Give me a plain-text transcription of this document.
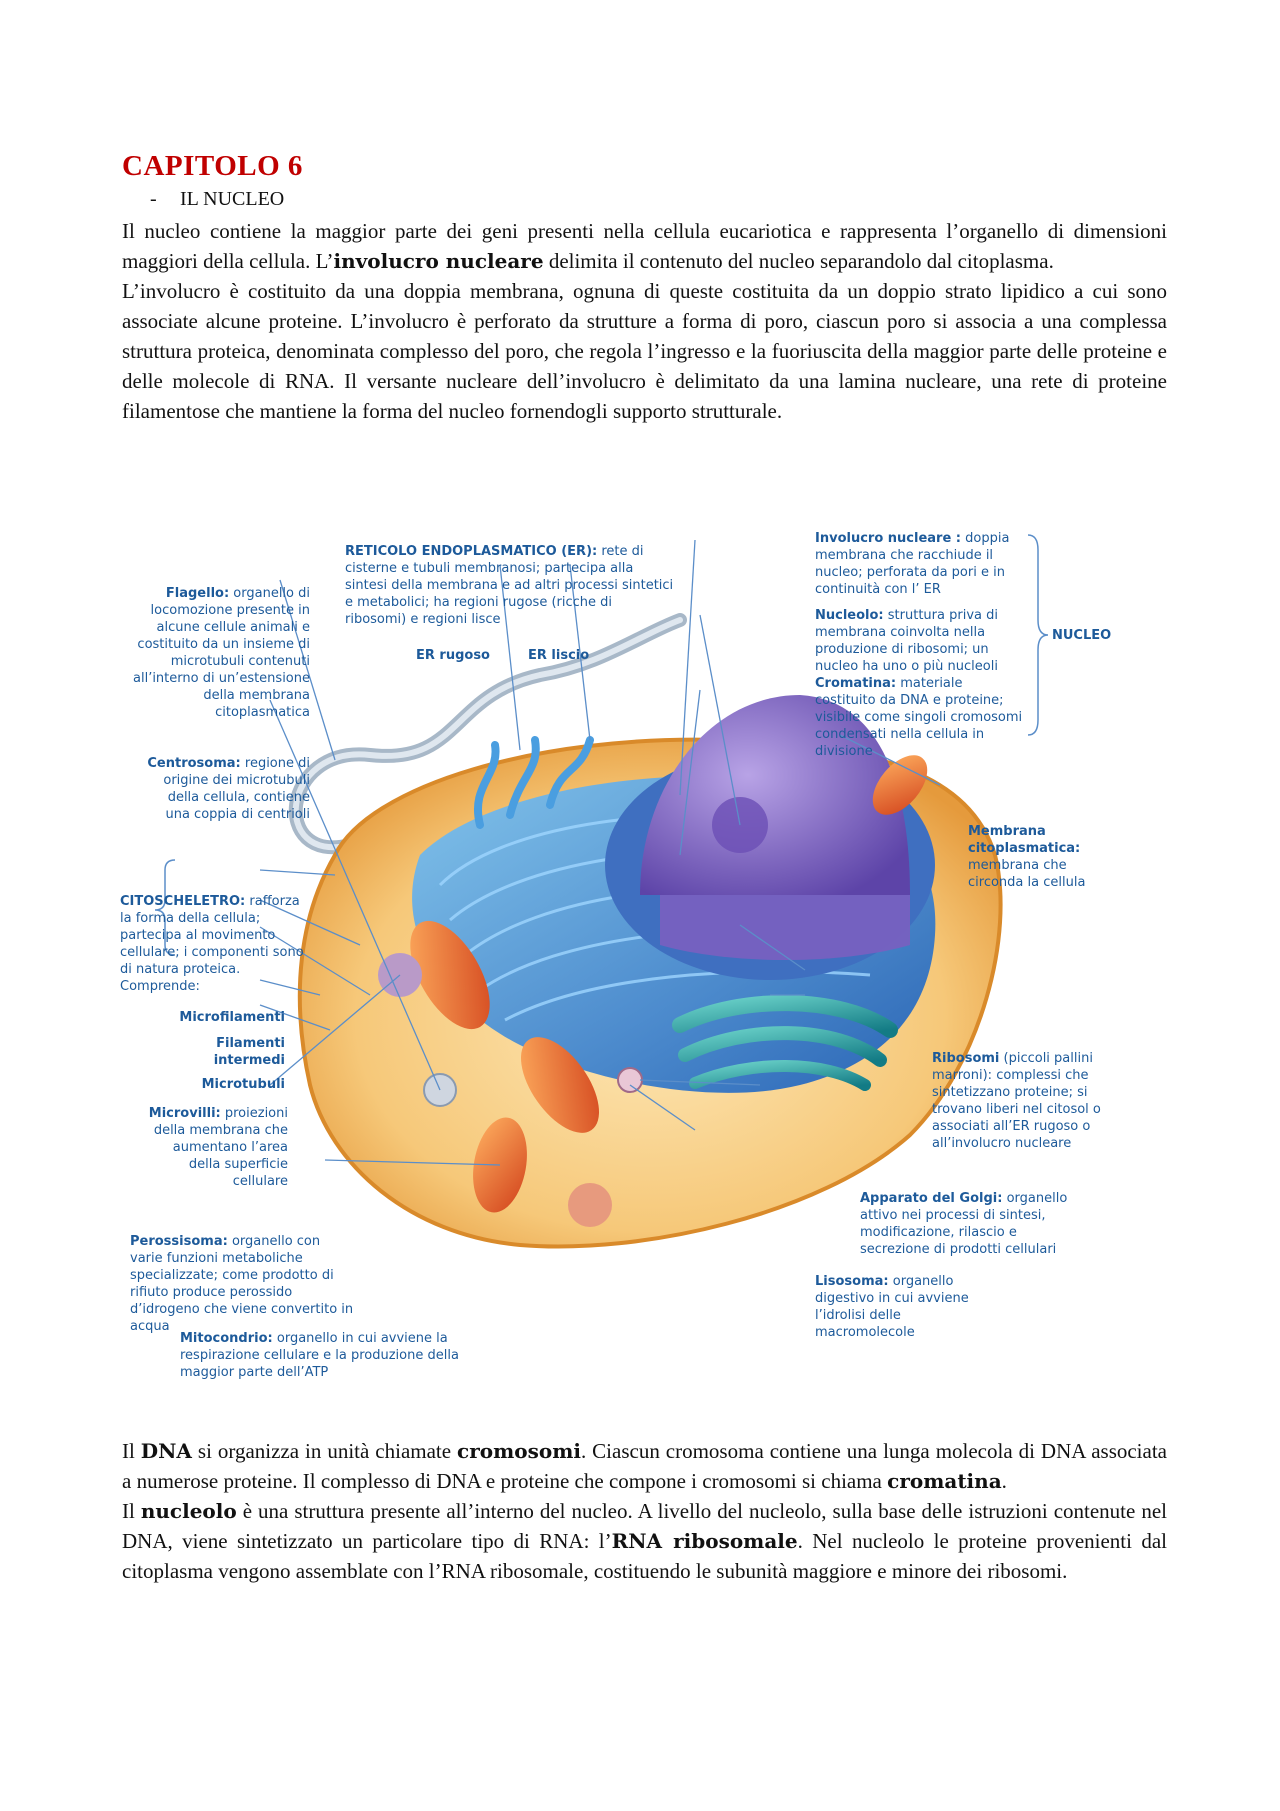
CAPITOLO 6
- IL NUCLEO

Il nucleo contiene la maggior parte dei geni presenti nella cellula eucariotica e rappresenta l’organello di dimensioni maggiori della cellula. L’involucro nucleare delimita il contenuto del nucleo separandolo dal citoplasma.

L’involucro è costituito da una doppia membrana, ognuna di queste costituita da un doppio strato lipidico a cui sono associate alcune proteine. L’involucro è perforato da strutture a forma di poro, ciascun poro si associa a una complessa struttura proteica, denominata complesso del poro, che regola l’ingresso e la fuoriuscita della maggior parte delle proteine e delle molecole di RNA. Il versante nucleare dell’involucro è delimitato da una lamina nucleare, una rete di proteine filamentose che mantiene la forma del nucleo fornendogli supporto strutturale.

RETICOLO ENDOPLASMATICO (ER): rete di cisterne e tubuli membranosi; partecipa alla sintesi della membrana e ad altri processi sintetici e metabolici; ha regioni rugose (ricche di ribosomi) e regioni lisce
ER rugoso	ER liscio
Flagello: organello di locomozione presente in alcune cellule animali e costituito da un insieme di microtubuli contenuti all’interno di un’estensione della membrana citoplasmatica
Centrosoma: regione di origine dei microtubuli della cellula, contiene una coppia di centrioli
CITOSCHELETRO: rafforza la forma della cellula; partecipa al movimento cellulare; i componenti sono di natura proteica. Comprende:
Microfilamenti
Filamenti intermedi
Microtubuli
Microvilli: proiezioni della membrana che aumentano l’area della superficie cellulare
Perossisoma: organello con varie funzioni metaboliche specializzate; come prodotto di rifiuto produce perossido d’idrogeno che viene convertito in acqua
Mitocondrio: organello in cui avviene la respirazione cellulare e la produzione della maggior parte dell’ATP
Involucro nucleare : doppia membrana che racchiude il nucleo; perforata da pori e in continuità con l’ ER
Nucleolo: struttura priva di membrana coinvolta nella produzione di ribosomi; un nucleo ha uno o più nucleoli
Cromatina: materiale costituito da DNA e proteine; visibile come singoli cromosomi condensati nella cellula in divisione
NUCLEO
Membrana citoplasmatica: membrana che circonda la cellula
Ribosomi (piccoli pallini marroni): complessi che sintetizzano proteine; si trovano liberi nel citosol o associati all’ER rugoso o all’involucro nucleare
Apparato del Golgi: organello attivo nei processi di sintesi, modificazione, rilascio e secrezione di prodotti cellulari
Lisosoma: organello digestivo in cui avviene l’idrolisi delle macromolecole

Il DNA si organizza in unità chiamate cromosomi. Ciascun cromosoma contiene una lunga molecola di DNA associata a numerose proteine. Il complesso di DNA e proteine che compone i cromosomi si chiama cromatina.

Il nucleolo è una struttura presente all’interno del nucleo. A livello del nucleolo, sulla base delle istruzioni contenute nel DNA, viene sintetizzato un particolare tipo di RNA: l’RNA ribosomale. Nel nucleolo le proteine provenienti dal citoplasma vengono assemblate con l’RNA ribosomale, costituendo le subunità maggiore e minore dei ribosomi.
